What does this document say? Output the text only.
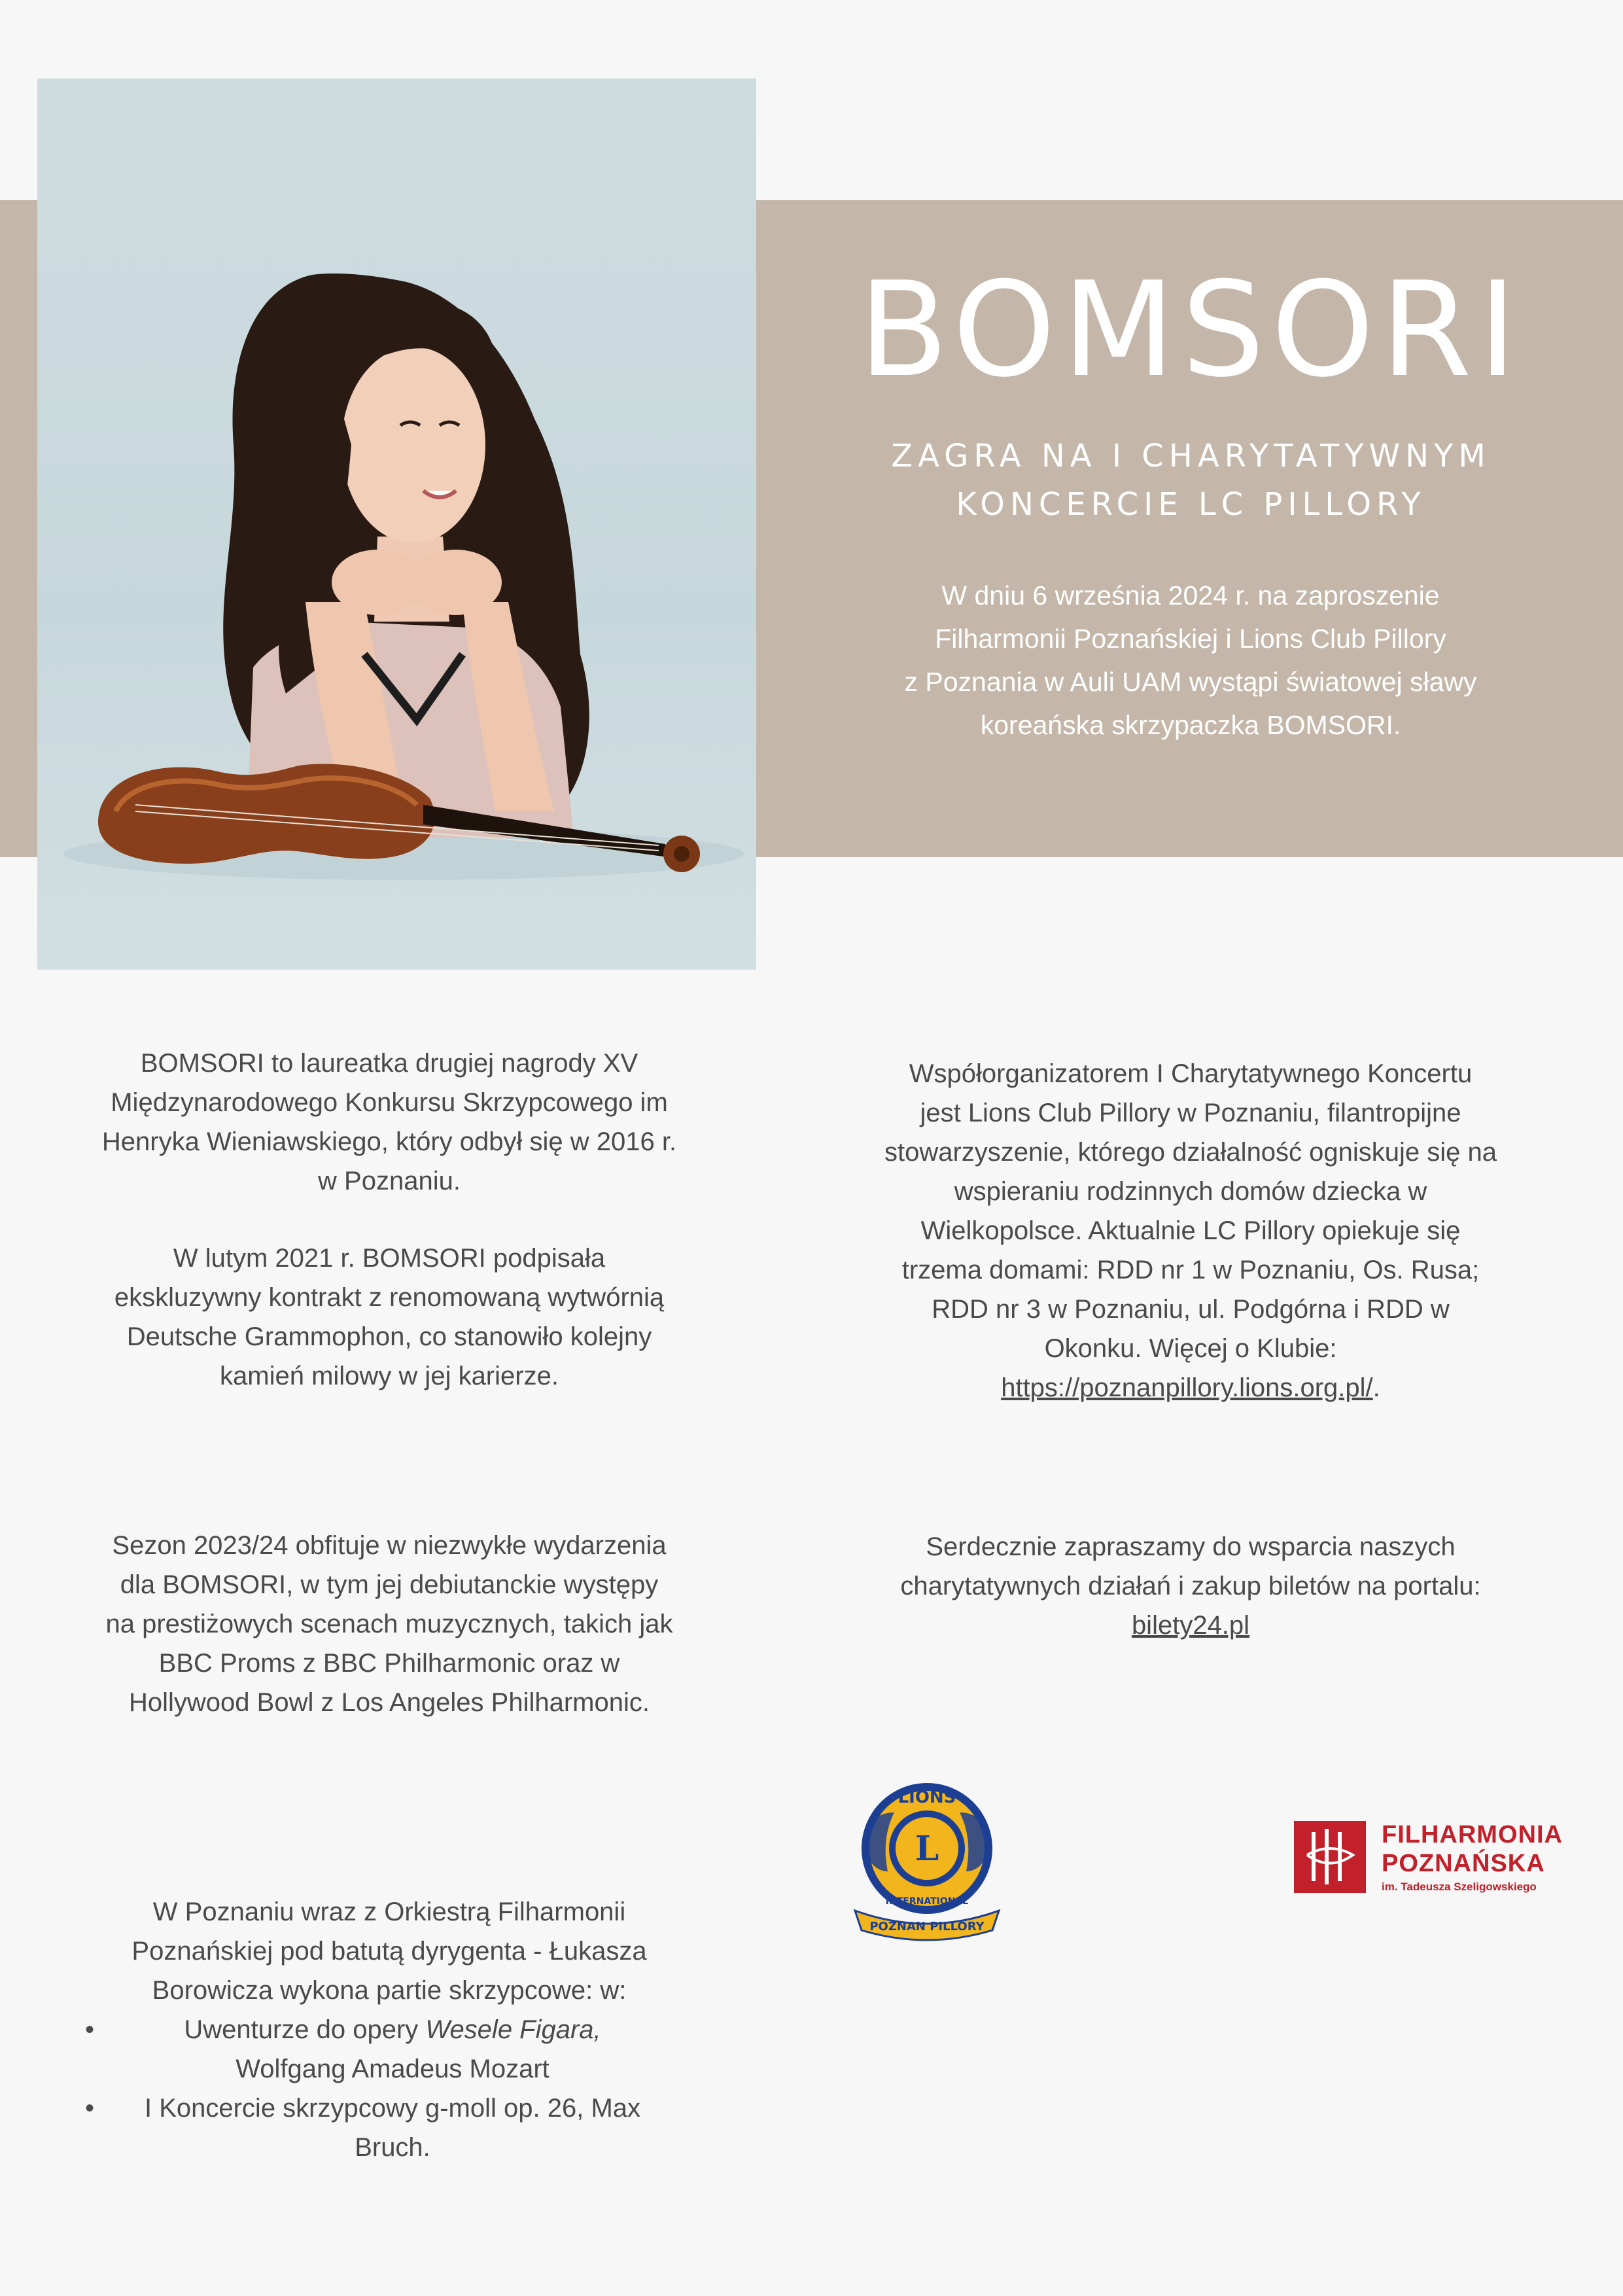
BOMSORI
ZAGRA NA I CHARYTATYWNYM
KONCERCIE LC PILLORY
W dniu 6 września 2024 r. na zaproszenie
Filharmonii Poznańskiej i Lions Club Pillory
z Poznania w Auli UAM wystąpi światowej sławy
koreańska skrzypaczka BOMSORI.

BOMSORI to laureatka drugiej nagrody XV

Międzynarodowego Konkursu Skrzypcowego im

Henryka Wieniawskiego, który odbył się w 2016 r.

w Poznaniu.

W lutym 2021 r. BOMSORI podpisała

ekskluzywny kontrakt z renomowaną wytwórnią

Deutsche Grammophon, co stanowiło kolejny

kamień milowy w jej karierze.

Sezon 2023/24 obfituje w niezwykłe wydarzenia

dla BOMSORI, w tym jej debiutanckie występy

na prestiżowych scenach muzycznych, takich jak

BBC Proms z BBC Philharmonic oraz w

Hollywood Bowl z Los Angeles Philharmonic.

W Poznaniu wraz z Orkiestrą Filharmonii

Poznańskiej pod batutą dyrygenta - Łukasza

Borowicza wykona partie skrzypcowe: w:

• Uwenturze do opery Wesele Figara,
Wolfgang Amadeus Mozart
• I Koncercie skrzypcowy g-moll op. 26, Max
Bruch.

Współorganizatorem I Charytatywnego Koncertu

jest Lions Club Pillory w Poznaniu, filantropijne

stowarzyszenie, którego działalność ogniskuje się na

wspieraniu rodzinnych domów dziecka w

Wielkopolsce. Aktualnie LC Pillory opiekuje się

trzema domami: RDD nr 1 w Poznaniu, Os. Rusa;

RDD nr 3 w Poznaniu, ul. Podgórna i RDD w

Okonku. Więcej o Klubie:

https://poznanpillory.lions.org.pl/.

Serdecznie zapraszamy do wsparcia naszych

charytatywnych działań i zakup biletów na portalu:

bilety24.pl

POZNAN PILLORY
LIONS
L
INTERNATIONAL
FILHARMONIA
POZNAŃSKA
im. Tadeusza Szeligowskiego
